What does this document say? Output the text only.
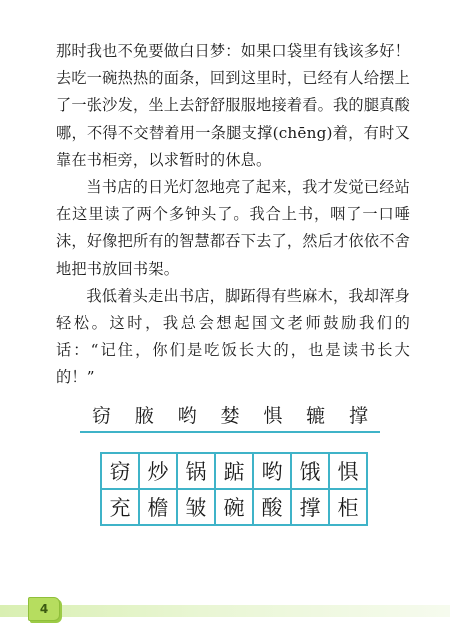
那时我也不免要做白日梦：如果口袋里有钱该多好！去吃一碗热热的面条，回到这里时，已经有人给摆上了一张沙发，坐上去舒舒服服地接着看。我的腿真酸哪，不得不交替着用一条腿支撑(chēng)着，有时又靠在书柜旁，以求暂时的休息。

当书店的日光灯忽地亮了起来，我才发觉已经站在这里读了两个多钟头了。我合上书，咽了一口唾沫，好像把所有的智慧都吞下去了，然后才依依不舍地把书放回书架。

我低着头走出书店，脚跖得有些麻木，我却浑身轻松。这时，我总会想起国文老师鼓励我们的话：“记住，你们是吃饭长大的，也是读书长大的！”

窃 腋 哟 婪 惧 辘 撑
窃 炒 锅 踮 哟 饿 惧
充 檐 皱 碗 酸 撑 柜
4
